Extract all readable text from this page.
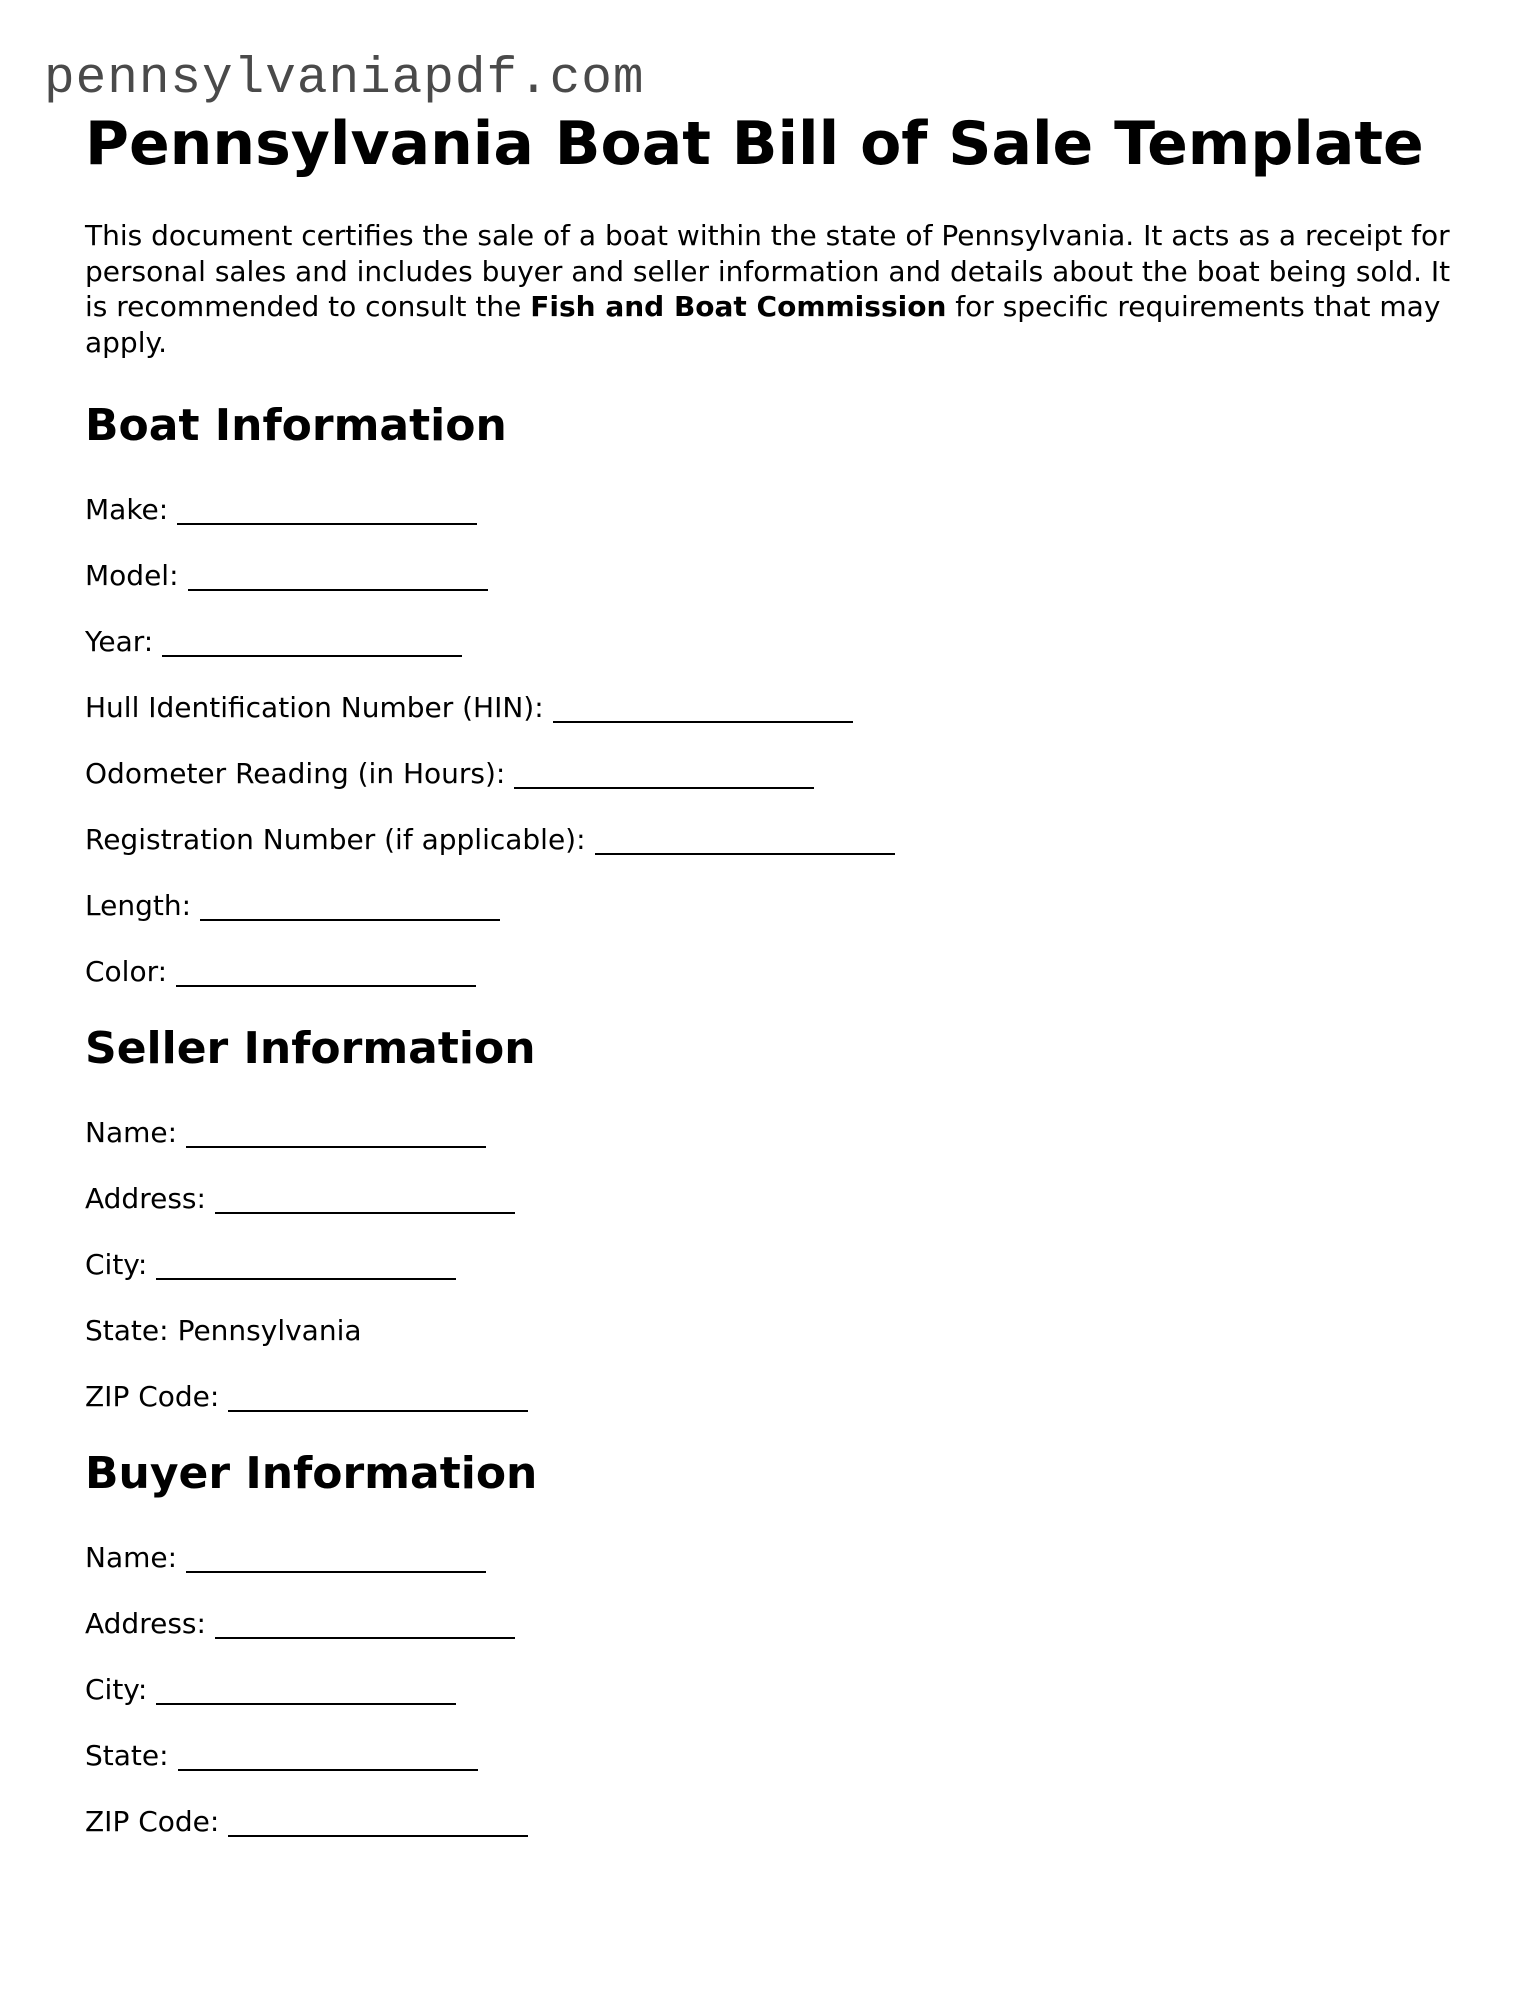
pennsylvaniapdf.com
Pennsylvania Boat Bill of Sale Template

This document certifies the sale of a boat within the state of Pennsylvania. It acts as a receipt for personal sales and includes buyer and seller information and details about the boat being sold. It is recommended to consult the Fish and Boat Commission for specific requirements that may apply.

Boat Information
Make:
Model:
Year:
Hull Identification Number (HIN):
Odometer Reading (in Hours):
Registration Number (if applicable):
Length:
Color:
Seller Information
Name:
Address:
City:
State: Pennsylvania
ZIP Code:
Buyer Information
Name:
Address:
City:
State:
ZIP Code:
